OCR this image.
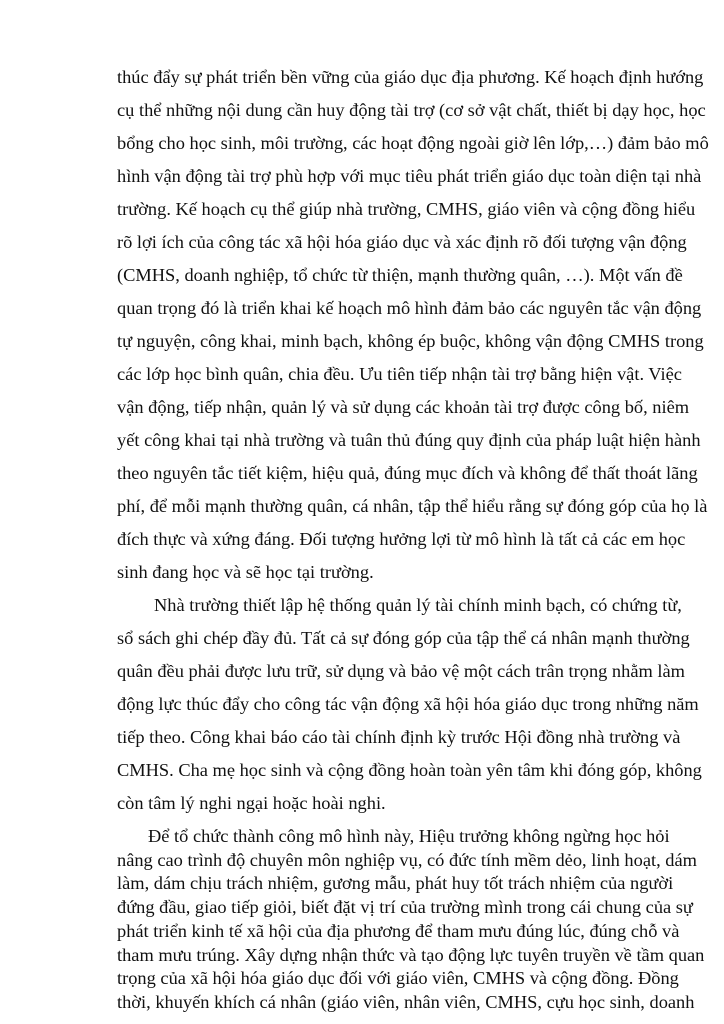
thúc đẩy sự phát triển bền vững của giáo dục địa phương. Kế hoạch định hướng
cụ thể những nội dung cần huy động tài trợ (cơ sở vật chất, thiết bị dạy học, học
bổng cho học sinh, môi trường, các hoạt động ngoài giờ lên lớp,…) đảm bảo mô
hình vận động tài trợ phù hợp với mục tiêu phát triển giáo dục toàn diện tại nhà
trường. Kế hoạch cụ thể giúp nhà trường, CMHS, giáo viên và cộng đồng hiểu
rõ lợi ích của công tác xã hội hóa giáo dục và xác định rõ đối tượng vận động
(CMHS, doanh nghiệp, tổ chức từ thiện, mạnh thường quân, …). Một vấn đề
quan trọng đó là triển khai kế hoạch mô hình đảm bảo các nguyên tắc vận động
tự nguyện, công khai, minh bạch, không ép buộc, không vận động CMHS trong
các lớp học bình quân, chia đều. Ưu tiên tiếp nhận tài trợ bằng hiện vật. Việc
vận động, tiếp nhận, quản lý và sử dụng các khoản tài trợ được công bố, niêm
yết công khai tại nhà trường và tuân thủ đúng quy định của pháp luật hiện hành
theo nguyên tắc tiết kiệm, hiệu quả, đúng mục đích và không để thất thoát lãng
phí, để mỗi mạnh thường quân, cá nhân, tập thể hiểu rằng sự đóng góp của họ là
đích thực và xứng đáng. Đối tượng hưởng lợi từ mô hình là tất cả các em học
sinh đang học và sẽ học tại trường.
Nhà trường thiết lập hệ thống quản lý tài chính minh bạch, có chứng từ,
sổ sách ghi chép đầy đủ. Tất cả sự đóng góp của tập thể cá nhân mạnh thường
quân đều phải được lưu trữ, sử dụng và bảo vệ một cách trân trọng nhằm làm
động lực thúc đẩy cho công tác vận động xã hội hóa giáo dục trong những năm
tiếp theo. Công khai báo cáo tài chính định kỳ trước Hội đồng nhà trường và
CMHS. Cha mẹ học sinh và cộng đồng hoàn toàn yên tâm khi đóng góp, không
còn tâm lý nghi ngại hoặc hoài nghi.
Để tổ chức thành công mô hình này, Hiệu trưởng không ngừng học hỏi
nâng cao trình độ chuyên môn nghiệp vụ, có đức tính mềm dẻo, linh hoạt, dám
làm, dám chịu trách nhiệm, gương mẫu, phát huy tốt trách nhiệm của người
đứng đầu, giao tiếp giỏi, biết đặt vị trí của trường mình trong cái chung của sự
phát triển kinh tế xã hội của địa phương để tham mưu đúng lúc, đúng chỗ và
tham mưu trúng. Xây dựng nhận thức và tạo động lực tuyên truyền về tầm quan
trọng của xã hội hóa giáo dục đối với giáo viên, CMHS và cộng đồng. Đồng
thời, khuyến khích cá nhân (giáo viên, nhân viên, CMHS, cựu học sinh, doanh
